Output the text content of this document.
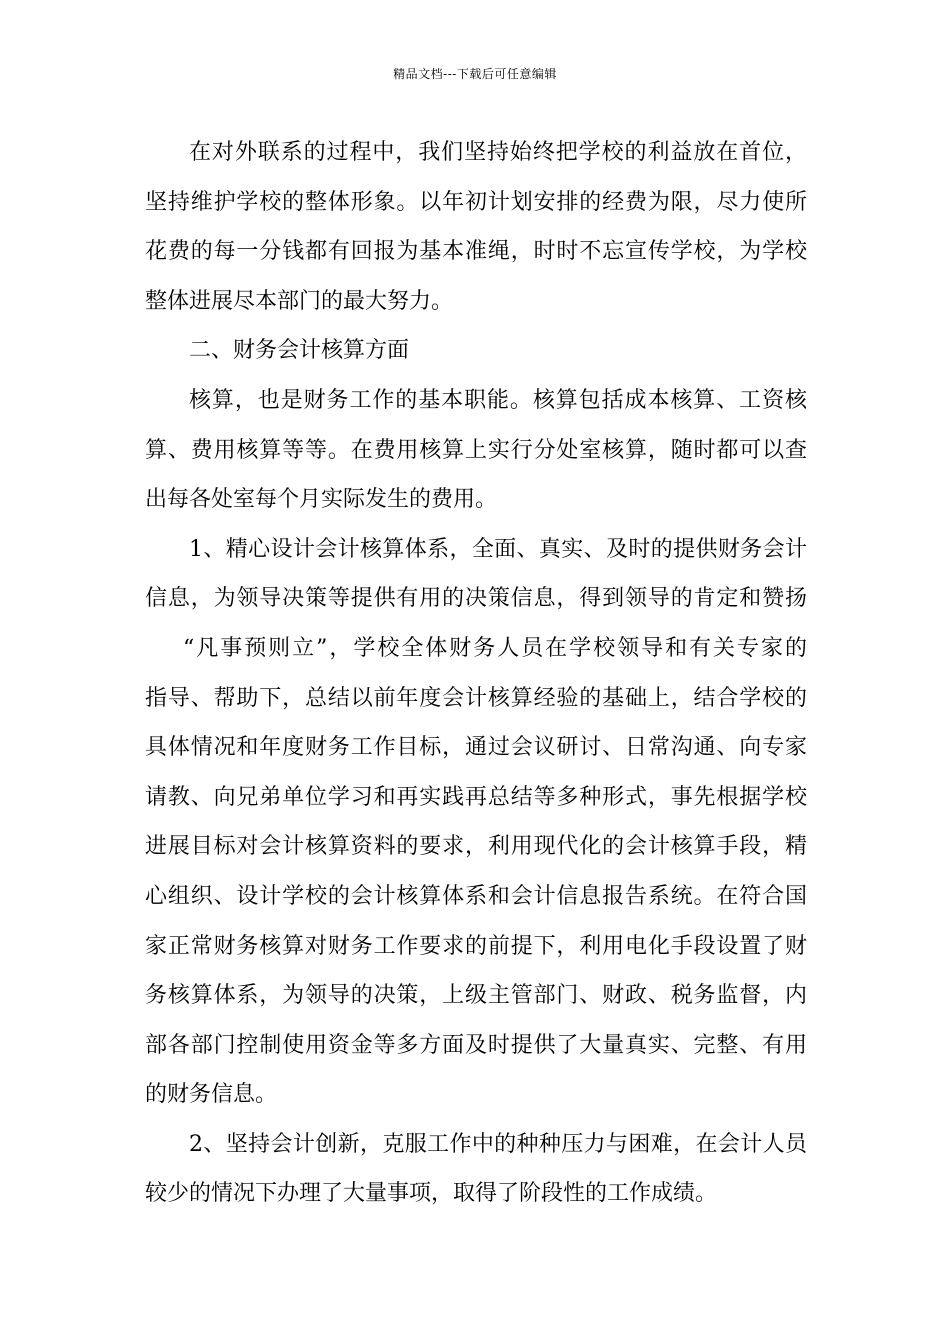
精品文档---下载后可任意编辑
在对外联系的过程中，我们坚持始终把学校的利益放在首位，
坚持维护学校的整体形象。以年初计划安排的经费为限，尽力使所
花费的每一分钱都有回报为基本准绳，时时不忘宣传学校，为学校
整体进展尽本部门的最大努力。
二、财务会计核算方面
核算，也是财务工作的基本职能。核算包括成本核算、工资核
算、费用核算等等。在费用核算上实行分处室核算，随时都可以查
出每各处室每个月实际发生的费用。
1、精心设计会计核算体系，全面、真实、及时的提供财务会计
信息，为领导决策等提供有用的决策信息，得到领导的肯定和赞扬
“凡事预则立”，学校全体财务人员在学校领导和有关专家的
指导、帮助下，总结以前年度会计核算经验的基础上，结合学校的
具体情况和年度财务工作目标，通过会议研讨、日常沟通、向专家
请教、向兄弟单位学习和再实践再总结等多种形式，事先根据学校
进展目标对会计核算资料的要求，利用现代化的会计核算手段，精
心组织、设计学校的会计核算体系和会计信息报告系统。在符合国
家正常财务核算对财务工作要求的前提下，利用电化手段设置了财
务核算体系，为领导的决策，上级主管部门、财政、税务监督，内
部各部门控制使用资金等多方面及时提供了大量真实、完整、有用
的财务信息。
2、坚持会计创新，克服工作中的种种压力与困难，在会计人员
较少的情况下办理了大量事项，取得了阶段性的工作成绩。
